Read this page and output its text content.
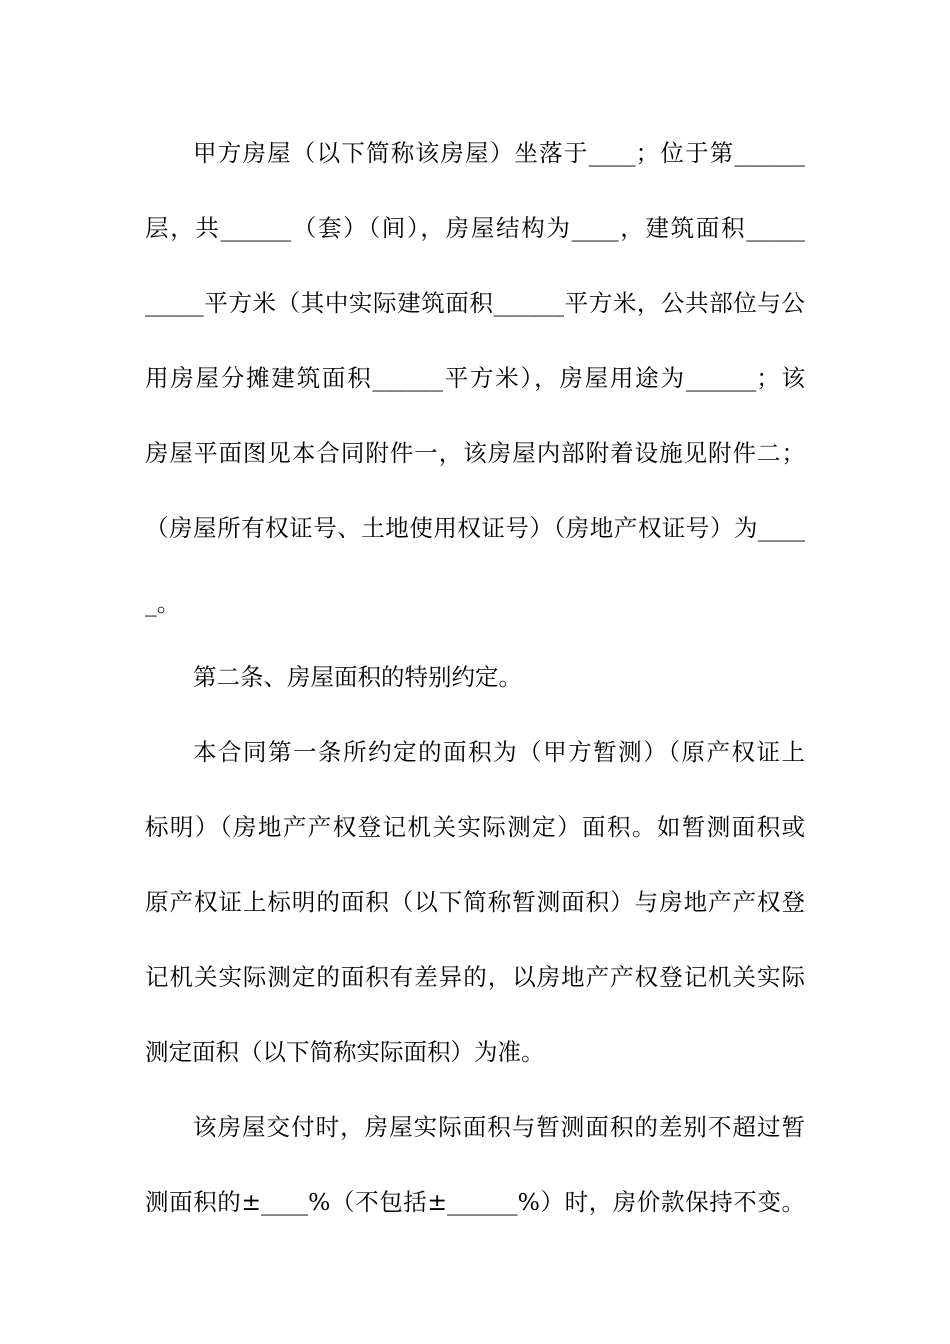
甲方房屋（以下简称该房屋）坐落于____；位于第______
层，共______（套）（间），房屋结构为____，建筑面积_____
_____平方米（其中实际建筑面积______平方米，公共部位与公
用房屋分摊建筑面积______平方米），房屋用途为______；该
房屋平面图见本合同附件一，该房屋内部附着设施见附件二；
（房屋所有权证号、土地使用权证号）（房地产权证号）为____
_。
第二条、房屋面积的特别约定。
本合同第一条所约定的面积为（甲方暂测）（原产权证上
标明）（房地产产权登记机关实际测定）面积。如暂测面积或
原产权证上标明的面积（以下简称暂测面积）与房地产产权登
记机关实际测定的面积有差异的，以房地产产权登记机关实际
测定面积（以下简称实际面积）为准。
该房屋交付时，房屋实际面积与暂测面积的差别不超过暂
测面积的±____%（不包括±______%）时，房价款保持不变。
